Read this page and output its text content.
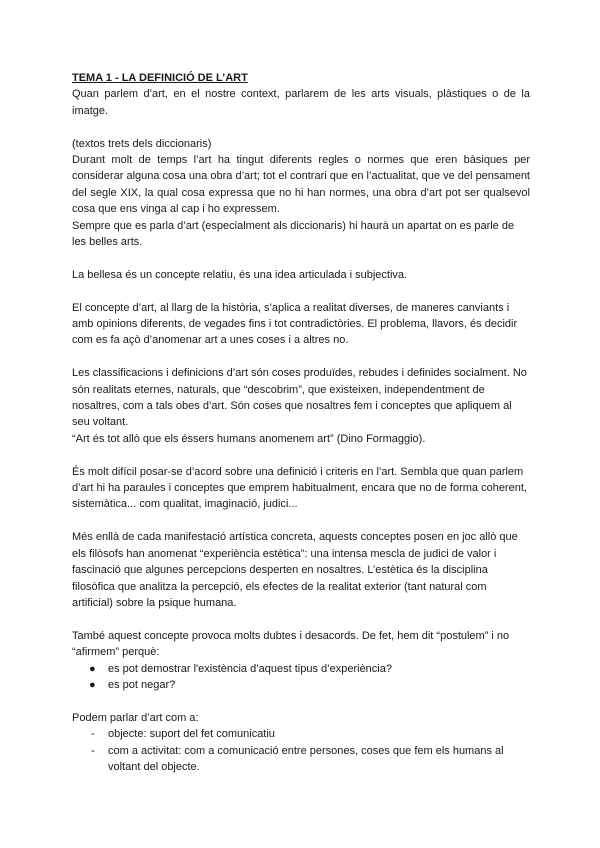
TEMA 1 - LA DEFINICIÓ DE L’ART

Quan parlem d’art, en el nostre context, parlarem de les arts visuals, plàstiques o de la imatge.

(textos trets dels diccionaris)

Durant molt de temps l’art ha tingut diferents regles o normes que eren bàsiques per considerar alguna cosa una obra d’art; tot el contrari que en l’actualitat, que ve del pensament del segle XIX, la qual cosa expressa que no hi han normes, una obra d’art pot ser qualsevol cosa que ens vinga al cap i ho expressem.

Sempre que es parla d’art (especialment als diccionaris) hi haurà un apartat on es parle de les belles arts.

La bellesa és un concepte relatiu, és una idea articulada i subjectiva.

El concepte d’art, al llarg de la història, s’aplica a realitat diverses, de maneres canviants i amb opinions diferents, de vegades fins i tot contradictòries. El problema, llavors, és decidir com es fa açò d’anomenar art a unes coses i a altres no.

Les classificacions i definicions d’art són coses produïdes, rebudes i definides socialment. No són realitats eternes, naturals, que “descobrim”, que existeixen, independentment de nosaltres, com a tals obes d’art. Són coses que nosaltres fem i conceptes que apliquem al seu voltant.

“Art és tot allò que els éssers humans anomenem art” (Dino Formaggio).

És molt difícil posar-se d’acord sobre una definició i criteris en l’art. Sembla que quan parlem d’art hi ha paraules i conceptes que emprem habitualment, encara que no de forma coherent, sistemàtica... com qualitat, imaginació, judici...

Més enllà de cada manifestació artística concreta, aquests conceptes posen en joc allò que els filòsofs han anomenat “experiència estètica”: una intensa mescla de judici de valor i fascinació que algunes percepcions desperten en nosaltres. L’estètica és la disciplina filosòfica que analitza la percepció, els efectes de la realitat exterior (tant natural com artificial) sobre la psique humana.

També aquest concepte provoca molts dubtes i desacords. De fet, hem dit “postulem” i no “afirmem” perquè:

● es pot demostrar l'existència d’aquest tipus d’experiència?
● es pot negar?

Podem parlar d’art com a:

- objecte: suport del fet comunicatiu
- com a activitat: com a comunicació entre persones, coses que fem els humans al voltant del objecte.
